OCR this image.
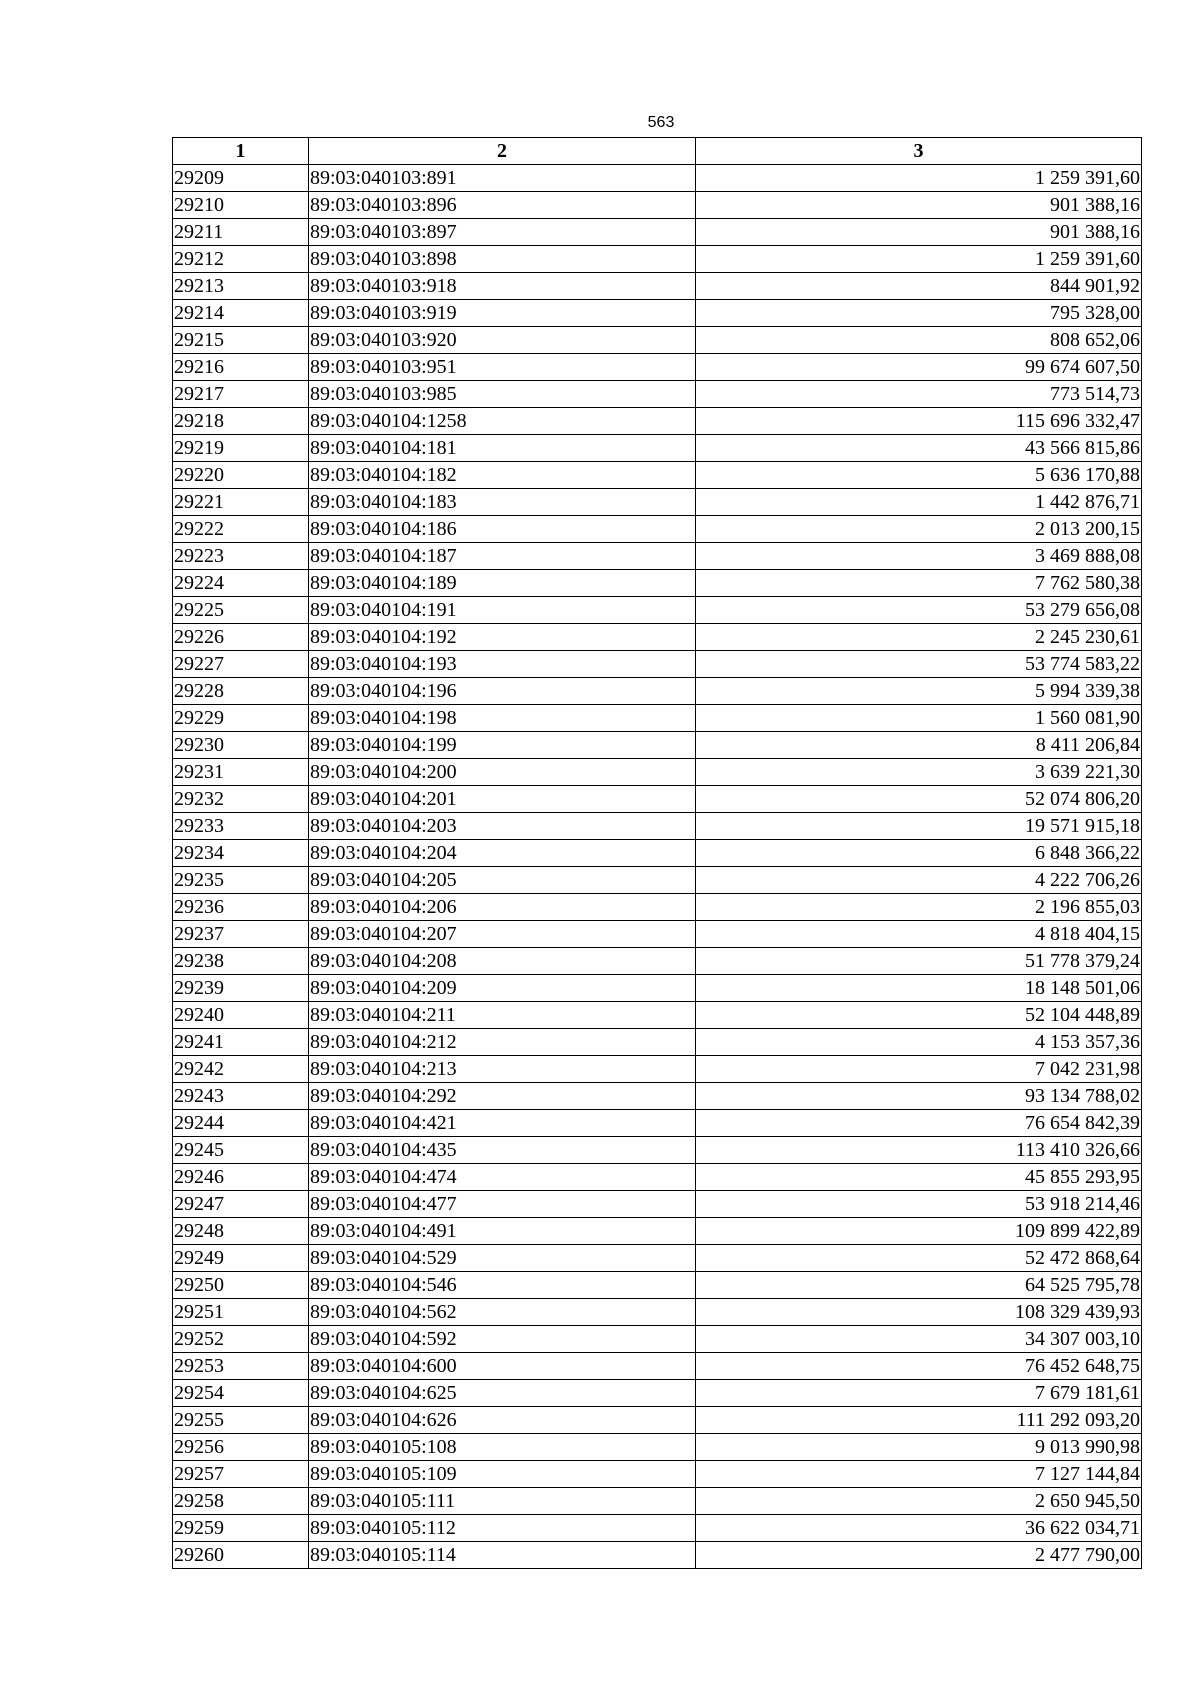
563
1	2	3
29209	89:03:040103:891	1 259 391,60
29210	89:03:040103:896	901 388,16
29211	89:03:040103:897	901 388,16
29212	89:03:040103:898	1 259 391,60
29213	89:03:040103:918	844 901,92
29214	89:03:040103:919	795 328,00
29215	89:03:040103:920	808 652,06
29216	89:03:040103:951	99 674 607,50
29217	89:03:040103:985	773 514,73
29218	89:03:040104:1258	115 696 332,47
29219	89:03:040104:181	43 566 815,86
29220	89:03:040104:182	5 636 170,88
29221	89:03:040104:183	1 442 876,71
29222	89:03:040104:186	2 013 200,15
29223	89:03:040104:187	3 469 888,08
29224	89:03:040104:189	7 762 580,38
29225	89:03:040104:191	53 279 656,08
29226	89:03:040104:192	2 245 230,61
29227	89:03:040104:193	53 774 583,22
29228	89:03:040104:196	5 994 339,38
29229	89:03:040104:198	1 560 081,90
29230	89:03:040104:199	8 411 206,84
29231	89:03:040104:200	3 639 221,30
29232	89:03:040104:201	52 074 806,20
29233	89:03:040104:203	19 571 915,18
29234	89:03:040104:204	6 848 366,22
29235	89:03:040104:205	4 222 706,26
29236	89:03:040104:206	2 196 855,03
29237	89:03:040104:207	4 818 404,15
29238	89:03:040104:208	51 778 379,24
29239	89:03:040104:209	18 148 501,06
29240	89:03:040104:211	52 104 448,89
29241	89:03:040104:212	4 153 357,36
29242	89:03:040104:213	7 042 231,98
29243	89:03:040104:292	93 134 788,02
29244	89:03:040104:421	76 654 842,39
29245	89:03:040104:435	113 410 326,66
29246	89:03:040104:474	45 855 293,95
29247	89:03:040104:477	53 918 214,46
29248	89:03:040104:491	109 899 422,89
29249	89:03:040104:529	52 472 868,64
29250	89:03:040104:546	64 525 795,78
29251	89:03:040104:562	108 329 439,93
29252	89:03:040104:592	34 307 003,10
29253	89:03:040104:600	76 452 648,75
29254	89:03:040104:625	7 679 181,61
29255	89:03:040104:626	111 292 093,20
29256	89:03:040105:108	9 013 990,98
29257	89:03:040105:109	7 127 144,84
29258	89:03:040105:111	2 650 945,50
29259	89:03:040105:112	36 622 034,71
29260	89:03:040105:114	2 477 790,00
